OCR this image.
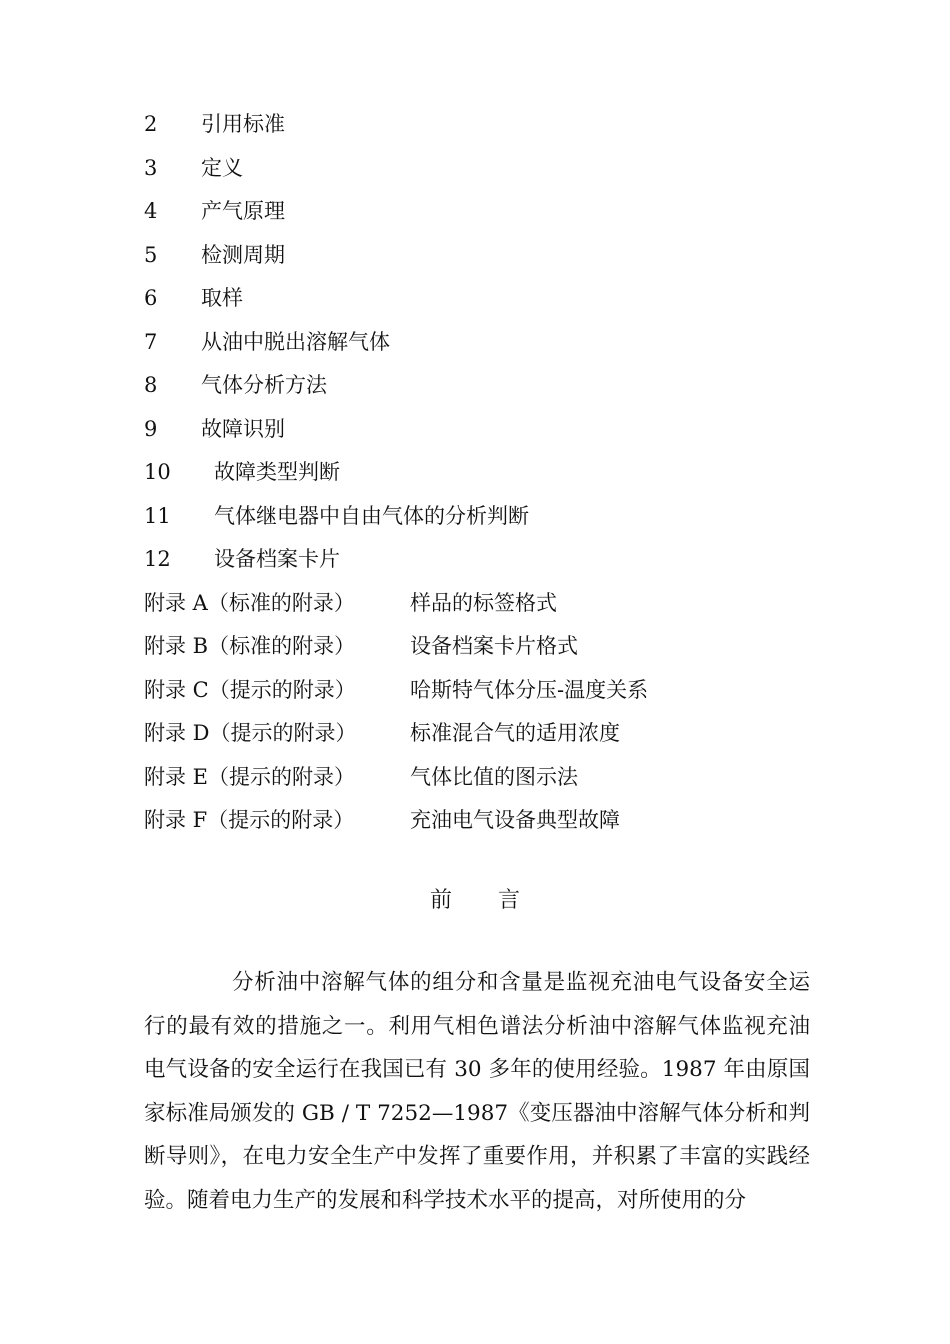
2 引用标准
3 定义
4 产气原理
5 检测周期
6 取样
7 从油中脱出溶解气体
8 气体分析方法
9 故障识别
10 故障类型判断
11 气体继电器中自由气体的分析判断
12 设备档案卡片
附录 A（标准的附录）	样品的标签格式
附录 B（标准的附录）	设备档案卡片格式
附录 C（提示的附录）	哈斯特气体分压-温度关系
附录 D（提示的附录）	标准混合气的适用浓度
附录 E（提示的附录）	气体比值的图示法
附录 F（提示的附录）	充油电气设备典型故障
前 言
分析油中溶解气体的组分和含量是监视充油电气设备安全运行的最有效的措施之一。利用气相色谱法分析油中溶解气体监视充油电气设备的安全运行在我国已有 30 多年的使用经验。1987 年由原国家标准局颁发的 GB / T 7252—1987《变压器油中溶解气体分析和判断导则》，在电力安全生产中发挥了重要作用，并积累了丰富的实践经验。随着电力生产的发展和科学技术水平的提高，对所使用的分
